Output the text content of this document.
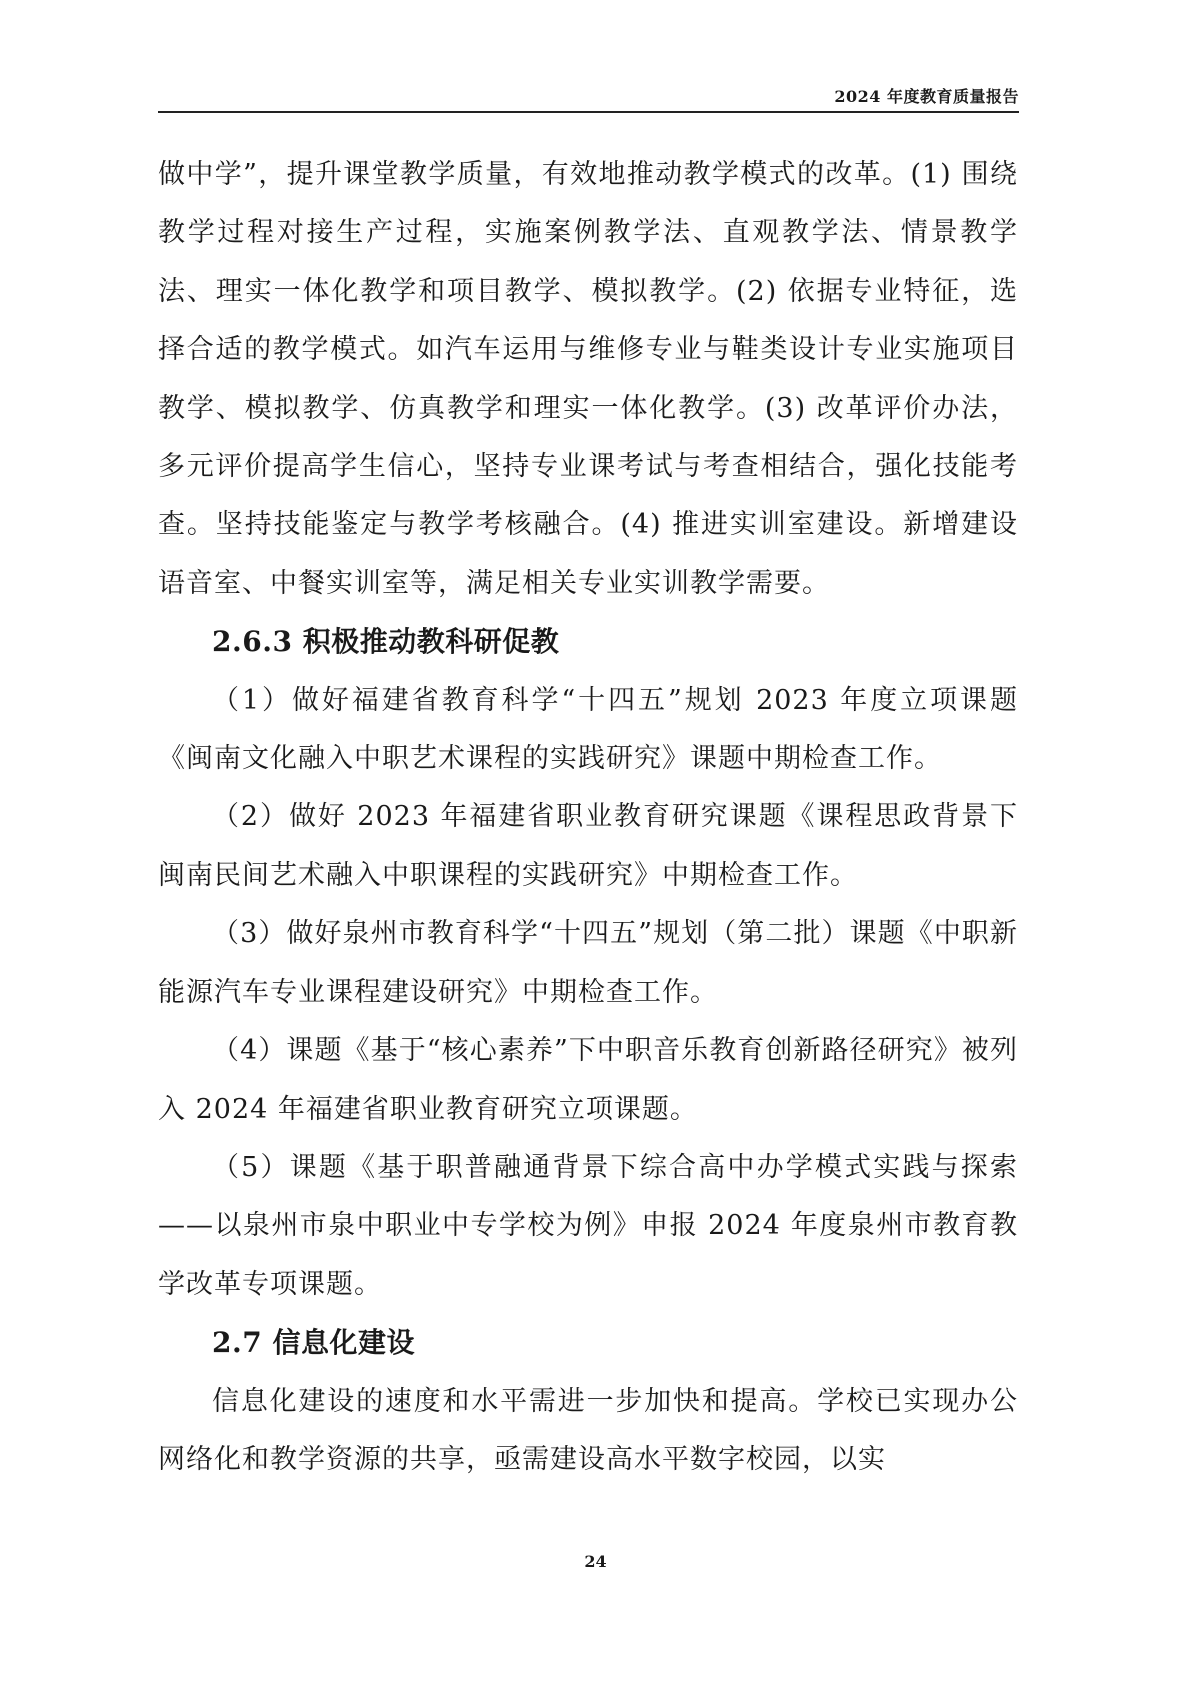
2024 年度教育质量报告

做中学”，提升课堂教学质量，有效地推动教学模式的改革。(1) 围绕教学过程对接生产过程，实施案例教学法、直观教学法、情景教学法、理实一体化教学和项目教学、模拟教学。(2) 依据专业特征，选择合适的教学模式。如汽车运用与维修专业与鞋类设计专业实施项目教学、模拟教学、仿真教学和理实一体化教学。(3) 改革评价办法，多元评价提高学生信心，坚持专业课考试与考查相结合，强化技能考查。坚持技能鉴定与教学考核融合。(4) 推进实训室建设。新增建设语音室、中餐实训室等，满足相关专业实训教学需要。

2.6.3 积极推动教科研促教

（1）做好福建省教育科学“十四五”规划 2023 年度立项课题《闽南文化融入中职艺术课程的实践研究》课题中期检查工作。

（2）做好 2023 年福建省职业教育研究课题《课程思政背景下闽南民间艺术融入中职课程的实践研究》中期检查工作。

（3）做好泉州市教育科学“十四五”规划（第二批）课题《中职新能源汽车专业课程建设研究》中期检查工作。

（4）课题《基于“核心素养”下中职音乐教育创新路径研究》被列入 2024 年福建省职业教育研究立项课题。

（5）课题《基于职普融通背景下综合高中办学模式实践与探索——以泉州市泉中职业中专学校为例》申报 2024 年度泉州市教育教学改革专项课题。

2.7 信息化建设

信息化建设的速度和水平需进一步加快和提高。学校已实现办公网络化和教学资源的共享，亟需建设高水平数字校园，以实

24
